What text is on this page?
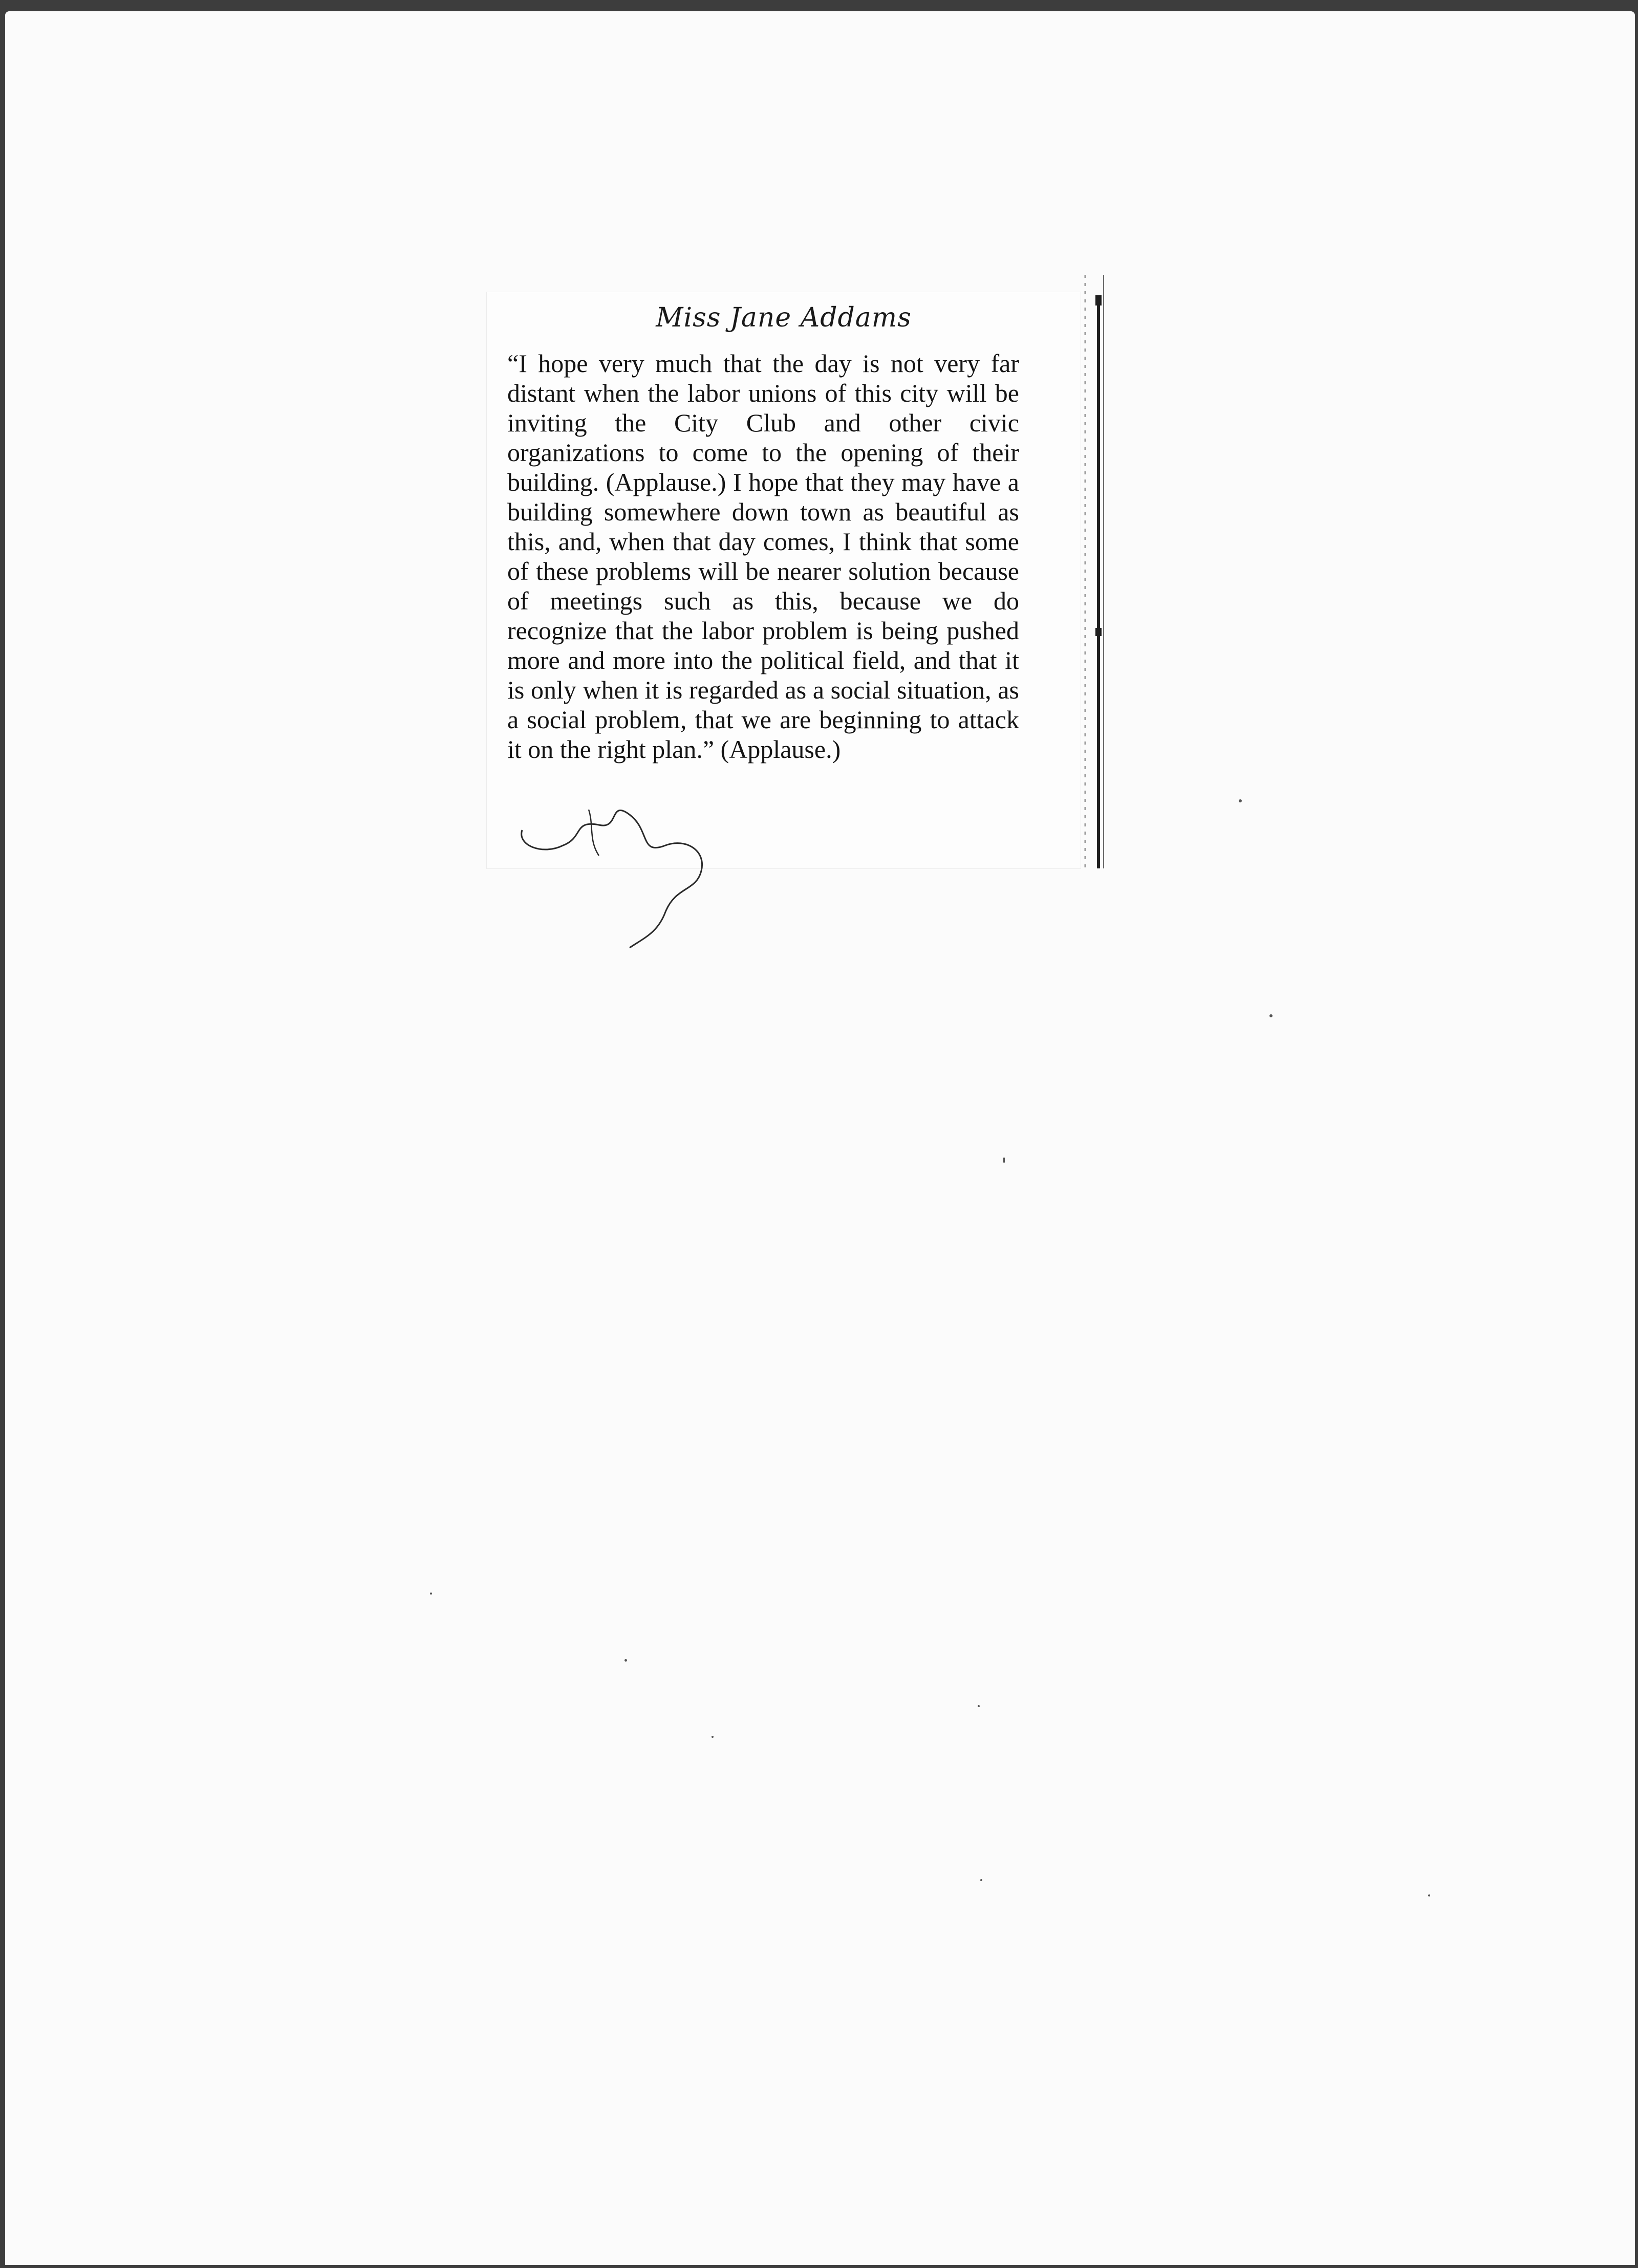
Miss Jane Addams

“I hope very much that the day is not very far distant when the labor unions of this city will be inviting the City Club and other civic organizations to come to the opening of their building. (Applause.) I hope that they may have a building somewhere down town as beautiful as this, and, when that day comes, I think that some of these problems will be nearer solution because of meetings such as this, because we do recognize that the labor problem is being pushed more and more into the political field, and that it is only when it is regarded as a social situation, as a social problem, that we are beginning to attack it on the right plan.” (Applause.)
